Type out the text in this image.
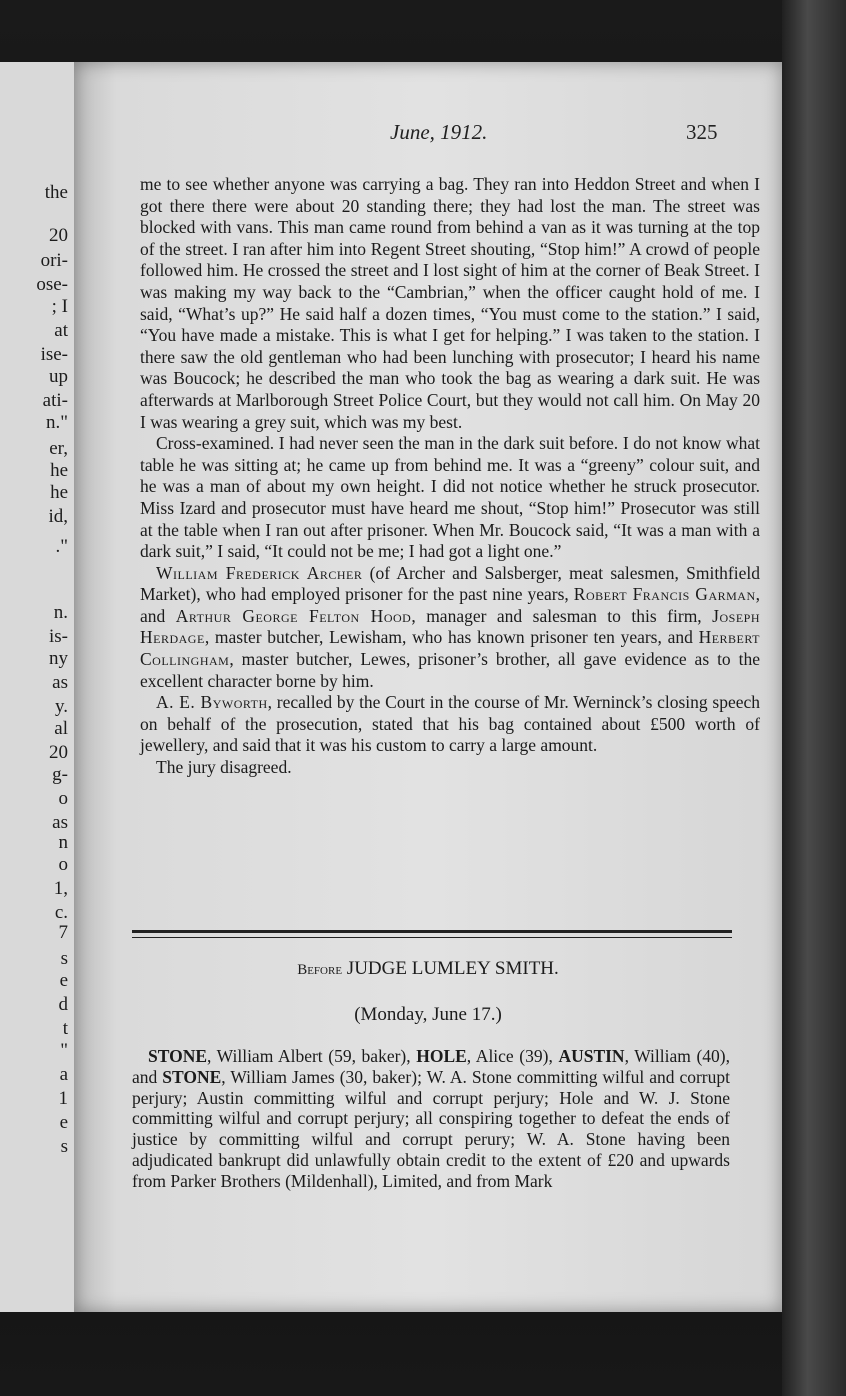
the
20
ori-
ose-
; I
at
ise-
up
ati-
n."
er,
he
he
id,
."
n.
is-
ny
as
y.
al
20
g-
o
as
n
o
1,
c.
7
s
e
d
t
"
a
1
e
s
June, 1912.	325

me to see whether anyone was carrying a bag. They ran into Heddon Street and when I got there there were about 20 standing there; they had lost the man. The street was blocked with vans. This man came round from behind a van as it was turning at the top of the street. I ran after him into Regent Street shouting, “Stop him!” A crowd of people followed him. He crossed the street and I lost sight of him at the corner of Beak Street. I was making my way back to the “Cambrian,” when the officer caught hold of me. I said, “What’s up?” He said half a dozen times, “You must come to the station.” I said, “You have made a mistake. This is what I get for helping.” I was taken to the station. I there saw the old gentleman who had been lunching with prosecutor; I heard his name was Boucock; he described the man who took the bag as wearing a dark suit. He was afterwards at Marlborough Street Police Court, but they would not call him. On May 20 I was wearing a grey suit, which was my best.

Cross-examined. I had never seen the man in the dark suit before. I do not know what table he was sitting at; he came up from behind me. It was a “greeny” colour suit, and he was a man of about my own height. I did not notice whether he struck prosecutor. Miss Izard and prosecutor must have heard me shout, “Stop him!” Prosecutor was still at the table when I ran out after prisoner. When Mr. Boucock said, “It was a man with a dark suit,” I said, “It could not be me; I had got a light one.”

William Frederick Archer (of Archer and Salsberger, meat salesmen, Smithfield Market), who had employed prisoner for the past nine years, Robert Francis Garman, and Arthur George Felton Hood, manager and salesman to this firm, Joseph Herdage, master butcher, Lewisham, who has known prisoner ten years, and Herbert Collingham, master butcher, Lewes, prisoner’s brother, all gave evidence as to the excellent character borne by him.

A. E. Byworth, recalled by the Court in the course of Mr. Werninck’s closing speech on behalf of the prosecution, stated that his bag contained about £500 worth of jewellery, and said that it was his custom to carry a large amount.

The jury disagreed.

Before JUDGE LUMLEY SMITH.
(Monday, June 17.)

STONE, William Albert (59, baker), HOLE, Alice (39), AUSTIN, William (40), and STONE, William James (30, baker); W. A. Stone committing wilful and corrupt perjury; Austin committing wilful and corrupt perjury; Hole and W. J. Stone committing wilful and corrupt perjury; all conspiring together to defeat the ends of justice by committing wilful and corrupt perury; W. A. Stone having been adjudicated bankrupt did unlawfully obtain credit to the extent of £20 and upwards from Parker Brothers (Mildenhall), Limited, and from Mark
